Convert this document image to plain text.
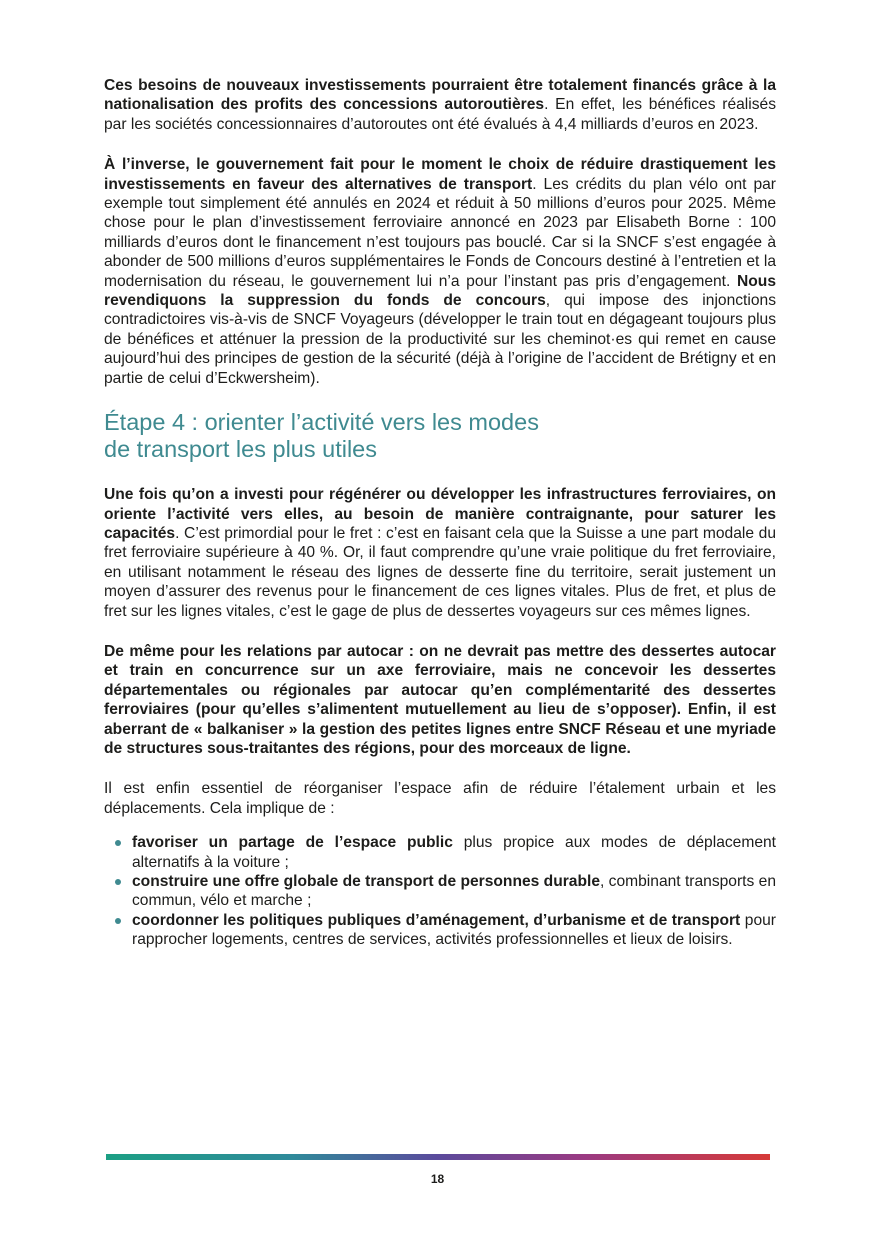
Ces besoins de nouveaux investissements pourraient être totalement financés grâce à la nationalisation des profits des concessions autoroutières. En effet, les bénéfices réalisés par les sociétés concessionnaires d’autoroutes ont été évalués à 4,4 milliards d’euros en 2023.

À l’inverse, le gouvernement fait pour le moment le choix de réduire drastiquement les investissements en faveur des alternatives de transport. Les crédits du plan vélo ont par exemple tout simplement été annulés en 2024 et réduit à 50 millions d’euros pour 2025. Même chose pour le plan d’investissement ferroviaire annoncé en 2023 par Elisabeth Borne : 100 milliards d’euros dont le financement n’est toujours pas bouclé. Car si la SNCF s’est engagée à abonder de 500 millions d’euros supplémentaires le Fonds de Concours destiné à l’entretien et la modernisation du réseau, le gouvernement lui n’a pour l’instant pas pris d’engagement. Nous revendiquons la suppression du fonds de concours, qui impose des injonctions contradictoires vis-à-vis de SNCF Voyageurs (développer le train tout en dégageant toujours plus de bénéfices et atténuer la pression de la productivité sur les cheminot·es qui remet en cause aujourd’hui des principes de gestion de la sécurité (déjà à l’origine de l’accident de Brétigny et en partie de celui d’Eckwersheim).

Étape 4 : orienter l’activité vers les modes
de transport les plus utiles

Une fois qu’on a investi pour régénérer ou développer les infrastructures ferroviaires, on oriente l’activité vers elles, au besoin de manière contraignante, pour saturer les capacités. C’est primordial pour le fret : c’est en faisant cela que la Suisse a une part modale du fret ferroviaire supérieure à 40 %. Or, il faut comprendre qu’une vraie politique du fret ferroviaire, en utilisant notamment le réseau des lignes de desserte fine du territoire, serait justement un moyen d’assurer des revenus pour le financement de ces lignes vitales. Plus de fret, et plus de fret sur les lignes vitales, c’est le gage de plus de dessertes voyageurs sur ces mêmes lignes.

De même pour les relations par autocar : on ne devrait pas mettre des dessertes autocar et train en concurrence sur un axe ferroviaire, mais ne concevoir les dessertes départementales ou régionales par autocar qu’en complémentarité des dessertes ferroviaires (pour qu’elles s’alimentent mutuellement au lieu de s’opposer). Enfin, il est aberrant de « balkaniser » la gestion des petites lignes entre SNCF Réseau et une myriade de structures sous-traitantes des régions, pour des morceaux de ligne.

Il est enfin essentiel de réorganiser l’espace afin de réduire l’étalement urbain et les déplacements. Cela implique de :

favoriser un partage de l’espace public plus propice aux modes de déplacement alternatifs à la voiture ;
construire une offre globale de transport de personnes durable, combinant transports en commun, vélo et marche ;
coordonner les politiques publiques d’aménagement, d’urbanisme et de transport pour rapprocher logements, centres de services, activités professionnelles et lieux de loisirs.
18
